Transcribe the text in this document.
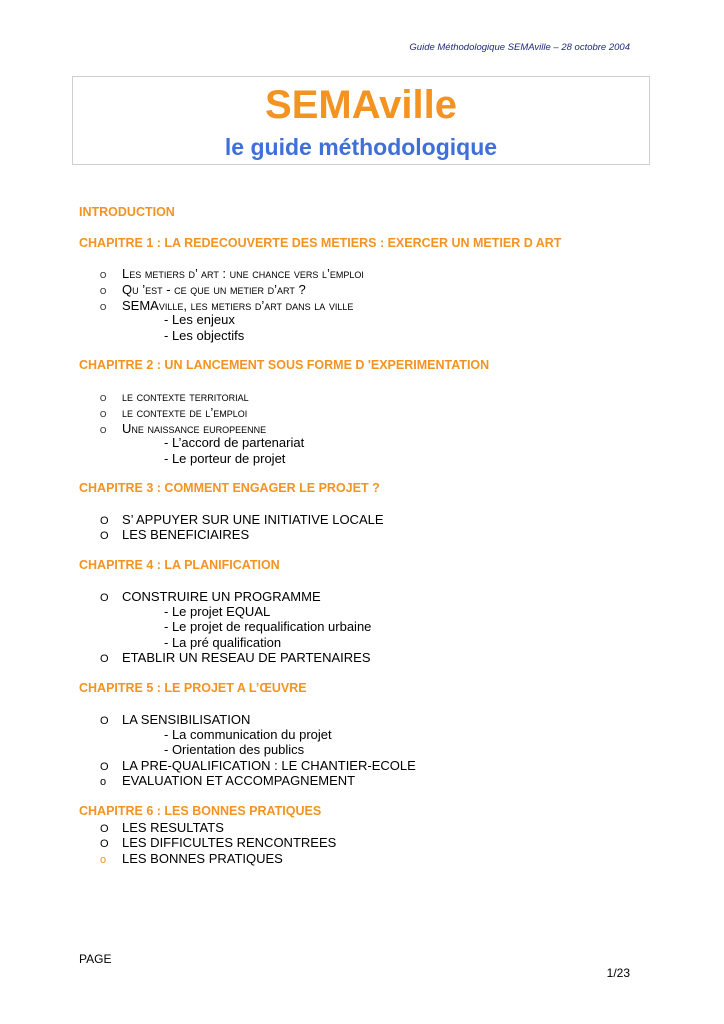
Guide Méthodologique SEMAville – 28 octobre 2004
SEMAville
le guide méthodologique
INTRODUCTION
CHAPITRE 1 : LA REDECOUVERTE DES METIERS : EXERCER UN METIER D ART
o Les metiers d’ art : une chance vers l’emploi
o Qu ’est - ce que un metier d’art ?
o SEMAville, les metiers d’art dans la ville
- Les enjeux
- Les objectifs
CHAPITRE 2 : UN LANCEMENT SOUS FORME D 'EXPERIMENTATION
o le contexte territorial
o le contexte de l’emploi
o Une naissance europeenne
- L’accord de partenariat
- Le porteur de projet
CHAPITRE 3 : COMMENT ENGAGER LE PROJET ?
O S’ APPUYER SUR UNE INITIATIVE LOCALE
O LES BENEFICIAIRES
CHAPITRE 4 : LA PLANIFICATION
O CONSTRUIRE UN PROGRAMME
- Le projet EQUAL
- Le projet de requalification urbaine
- La pré qualification
O ETABLIR UN RESEAU DE PARTENAIRES
CHAPITRE 5 : LE PROJET A L’ŒUVRE
O LA SENSIBILISATION
- La communication du projet
- Orientation des publics
O LA PRE-QUALIFICATION : LE CHANTIER-ECOLE
o EVALUATION ET ACCOMPAGNEMENT
CHAPITRE 6 : LES BONNES PRATIQUES
O LES RESULTATS
O LES DIFFICULTES RENCONTREES
o LES BONNES PRATIQUES
PAGE
1/23
